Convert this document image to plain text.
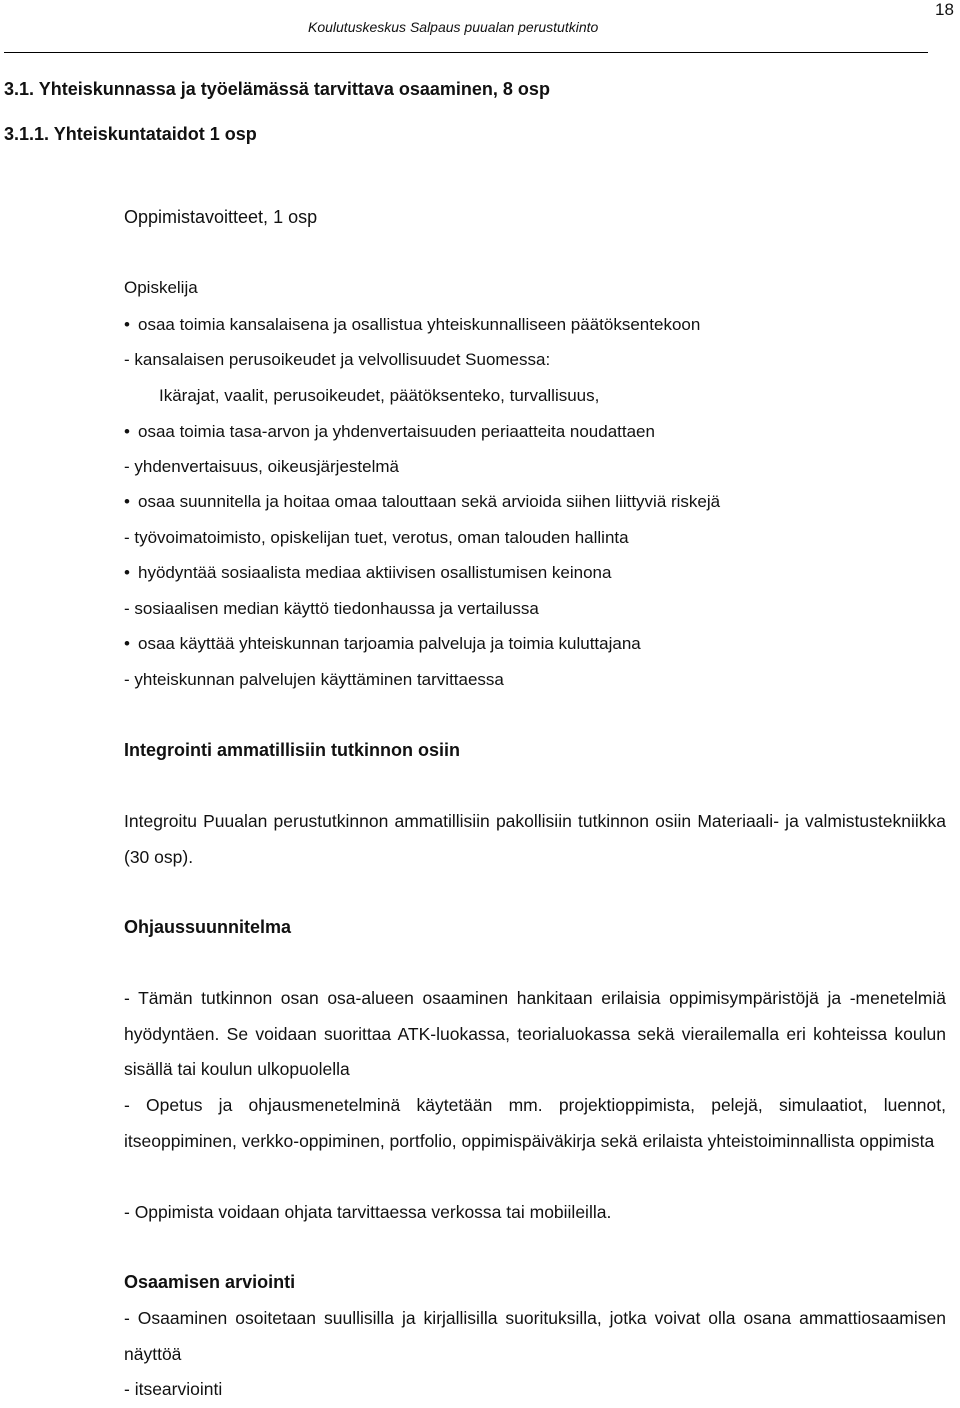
Koulutuskeskus Salpaus puualan perustutkinto
18
3.1. Yhteiskunnassa ja työelämässä tarvittava osaaminen, 8 osp
3.1.1. Yhteiskuntataidot 1 osp
Oppimistavoitteet, 1 osp
Opiskelija
• osaa toimia kansalaisena ja osallistua yhteiskunnalliseen päätöksentekoon
- kansalaisen perusoikeudet ja velvollisuudet Suomessa:
Ikärajat, vaalit, perusoikeudet, päätöksenteko, turvallisuus,
• osaa toimia tasa-arvon ja yhdenvertaisuuden periaatteita noudattaen
- yhdenvertaisuus, oikeusjärjestelmä
• osaa suunnitella ja hoitaa omaa talouttaan sekä arvioida siihen liittyviä riskejä
- työvoimatoimisto, opiskelijan tuet, verotus, oman talouden hallinta
• hyödyntää sosiaalista mediaa aktiivisen osallistumisen keinona
- sosiaalisen median käyttö tiedonhaussa ja vertailussa
• osaa käyttää yhteiskunnan tarjoamia palveluja ja toimia kuluttajana
- yhteiskunnan palvelujen käyttäminen tarvittaessa
Integrointi ammatillisiin tutkinnon osiin
Integroitu Puualan perustutkinnon ammatillisiin pakollisiin tutkinnon osiin Materiaali- ja valmistustekniikka (30 osp).
Ohjaussuunnitelma
- Tämän tutkinnon osan osa-alueen osaaminen hankitaan erilaisia oppimisympäristöjä ja -menetelmiä hyödyntäen. Se voidaan suorittaa ATK-luokassa, teorialuokassa sekä vierailemalla eri kohteissa koulun sisällä tai koulun ulkopuolella
- Opetus ja ohjausmenetelminä käytetään mm. projektioppimista, pelejä, simulaatiot, luennot, itseoppiminen, verkko-oppiminen, portfolio, oppimispäiväkirja sekä erilaista yhteistoiminnallista oppimista
- Oppimista voidaan ohjata tarvittaessa verkossa tai mobiileilla.
Osaamisen arviointi
- Osaaminen osoitetaan suullisilla ja kirjallisilla suorituksilla, jotka voivat olla osana ammattiosaamisen näyttöä
- itsearviointi
